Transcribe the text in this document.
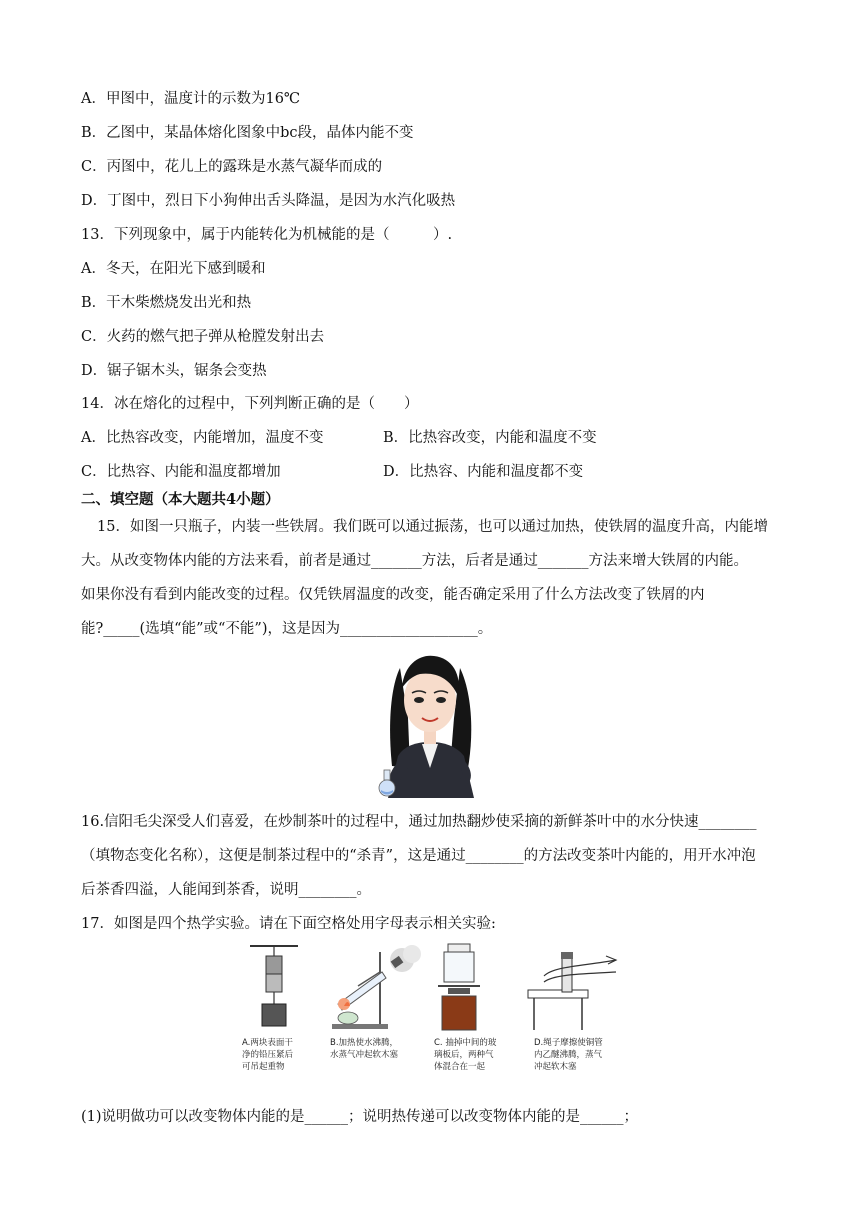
A．甲图中，温度计的示数为16℃
B．乙图中，某晶体熔化图象中bc段，晶体内能不变
C．丙图中，花儿上的露珠是水蒸气凝华而成的
D．丁图中，烈日下小狗伸出舌头降温，是因为水汽化吸热
13．下列现象中，属于内能转化为机械能的是（　　　）.
A．冬天，在阳光下感到暖和
B．干木柴燃烧发出光和热
C．火药的燃气把子弹从枪膛发射出去
D．锯子锯木头，锯条会变热
14．冰在熔化的过程中，下列判断正确的是（　　）
A．比热容改变，内能增加，温度不变	B．比热容改变，内能和温度不变
C．比热容、内能和温度都增加	D．比热容、内能和温度都不变
二、填空题（本大题共4小题）
15．如图一只瓶子，内装一些铁屑。我们既可以通过振荡，也可以通过加热，使铁屑的温度升高，内能增
大。从改变物体内能的方法来看，前者是通过_______方法，后者是通过_______方法来增大铁屑的内能。
如果你没有看到内能改变的过程。仅凭铁屑温度的改变，能否确定采用了什么方法改变了铁屑的内
能?_____(选填“能”或“不能”)，这是因为___________________。
16.信阳毛尖深受人们喜爱，在炒制茶叶的过程中，通过加热翻炒使采摘的新鲜茶叶中的水分快速________
（填物态变化名称），这便是制茶过程中的“杀青”，这是通过________的方法改变茶叶内能的，用开水冲泡
后茶香四溢，人能闻到茶香，说明________。
17．如图是四个热学实验。请在下面空格处用字母表示相关实验:
A.两块表面干
净的铅压紧后
可吊起重物
B.加热使水沸腾，
水蒸气冲起软木塞
C. 抽掉中间的玻
璃板后，两种气
体混合在一起
D.绳子摩擦使铜管
内乙醚沸腾，蒸气
冲起软木塞
(1)说明做功可以改变物体内能的是______；说明热传递可以改变物体内能的是______；
